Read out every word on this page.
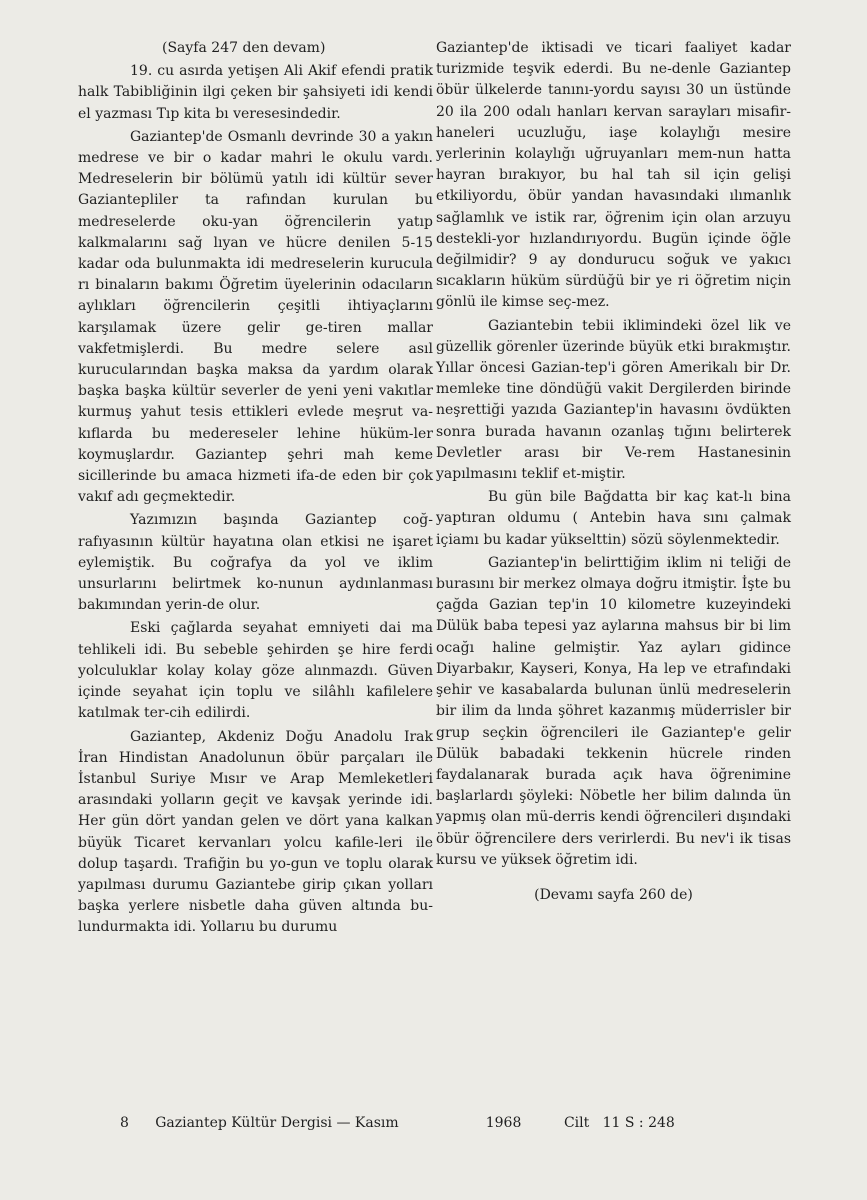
(Sayfa 247 den devam)

19. cu asırda yetişen Ali Akif efendi pratik halk Tabibliğinin ilgi çeken bir şahsiyeti idi kendi el yazması Tıp kita bı veresesindedir.

Gaziantep'de Osmanlı devrinde 30 a yakın medrese ve bir o kadar mahri le okulu vardı. Medreselerin bir bölümü yatılı idi kültür sever Gaziantepliler ta rafından kurulan bu medreselerde oku-yan öğrencilerin yatıp kalkmalarını sağ lıyan ve hücre denilen 5-15 kadar oda bulunmakta idi medreselerin kurucula rı binaların bakımı Öğretim üyelerinin odacıların aylıkları öğrencilerin çeşitli ihtiyaçlarını karşılamak üzere gelir ge-tiren mallar vakfetmişlerdi. Bu medre selere asıl kurucularından başka maksa da yardım olarak başka başka kültür severler de yeni yeni vakıtlar kurmuş yahut tesis ettikleri evlede meşrut va-kıflarda bu medereseler lehine hüküm-ler koymuşlardır. Gaziantep şehri mah keme sicillerinde bu amaca hizmeti ifa-de eden bir çok vakıf adı geçmektedir.

Yazımızın başında Gaziantep coğ-rafıyasının kültür hayatına olan etkisi ne işaret eylemiştik. Bu coğrafya da yol ve iklim unsurlarını belirtmek ko-nunun aydınlanması bakımından yerin-de olur.

Eski çağlarda seyahat emniyeti dai ma tehlikeli idi. Bu sebeble şehirden şe hire ferdi yolculuklar kolay kolay göze alınmazdı. Güven içinde seyahat için toplu ve silâhlı kafilelere katılmak ter-cih edilirdi.

Gaziantep, Akdeniz Doğu Anadolu Irak İran Hindistan Anadolunun öbür parçaları ile İstanbul Suriye Mısır ve Arap Memleketleri arasındaki yolların geçit ve kavşak yerinde idi. Her gün dört yandan gelen ve dört yana kalkan büyük Ticaret kervanları yolcu kafile-leri ile dolup taşardı. Trafiğin bu yo-gun ve toplu olarak yapılması durumu Gaziantebe girip çıkan yolları başka yerlere nisbetle daha güven altında bu-lundurmakta idi. Yollarıu bu durumu

Gaziantep'de iktisadi ve ticari faaliyet kadar turizmide teşvik ederdi. Bu ne-denle Gaziantep öbür ülkelerde tanını-yordu sayısı 30 un üstünde 20 ila 200 odalı hanları kervan sarayları misafir-haneleri ucuzluğu, iaşe kolaylığı mesire yerlerinin kolaylığı uğruyanları mem-nun hatta hayran bırakıyor, bu hal tah sil için gelişi etkiliyordu, öbür yandan havasındaki ılımanlık sağlamlık ve istik rar, öğrenim için olan arzuyu destekli-yor hızlandırıyordu. Bugün içinde öğle değilmidir? 9 ay dondurucu soğuk ve yakıcı sıcakların hüküm sürdüğü bir ye ri öğretim niçin gönlü ile kimse seç-mez.

Gaziantebin tebii iklimindeki özel lik ve güzellik görenler üzerinde büyük etki bırakmıştır. Yıllar öncesi Gazian-tep'i gören Amerikalı bir Dr. memleke tine döndüğü vakit Dergilerden birinde neşrettiği yazıda Gaziantep'in havasını övdükten sonra burada havanın ozanlaş tığını belirterek Devletler arası bir Ve-rem Hastanesinin yapılmasını teklif et-miştir.

Bu gün bile Bağdatta bir kaç kat-lı bina yaptıran oldumu ( Antebin hava sını çalmak içiamı bu kadar yükselttin) sözü söylenmektedir.

Gaziantep'in belirttiğim iklim ni teliği de burasını bir merkez olmaya doğru itmiştir. İşte bu çağda Gazian tep'in 10 kilometre kuzeyindeki Dülük baba tepesi yaz aylarına mahsus bir bi lim ocağı haline gelmiştir. Yaz ayları gidince Diyarbakır, Kayseri, Konya, Ha lep ve etrafındaki şehir ve kasabalarda bulunan ünlü medreselerin bir ilim da lında şöhret kazanmış müderrisler bir grup seçkin öğrencileri ile Gaziantep'e gelir Dülük babadaki tekkenin hücrele rinden faydalanarak burada açık hava öğrenimine başlarlardı şöyleki: Nöbetle her bilim dalında ün yapmış olan mü-derris kendi öğrencileri dışındaki öbür öğrencilere ders verirlerdi. Bu nev'i ik tisas kursu ve yüksek öğretim idi.

(Devamı sayfa 260 de)
8	Gaziantep Kültür Dergisi — Kasım	1968	Cilt   11 S : 248
